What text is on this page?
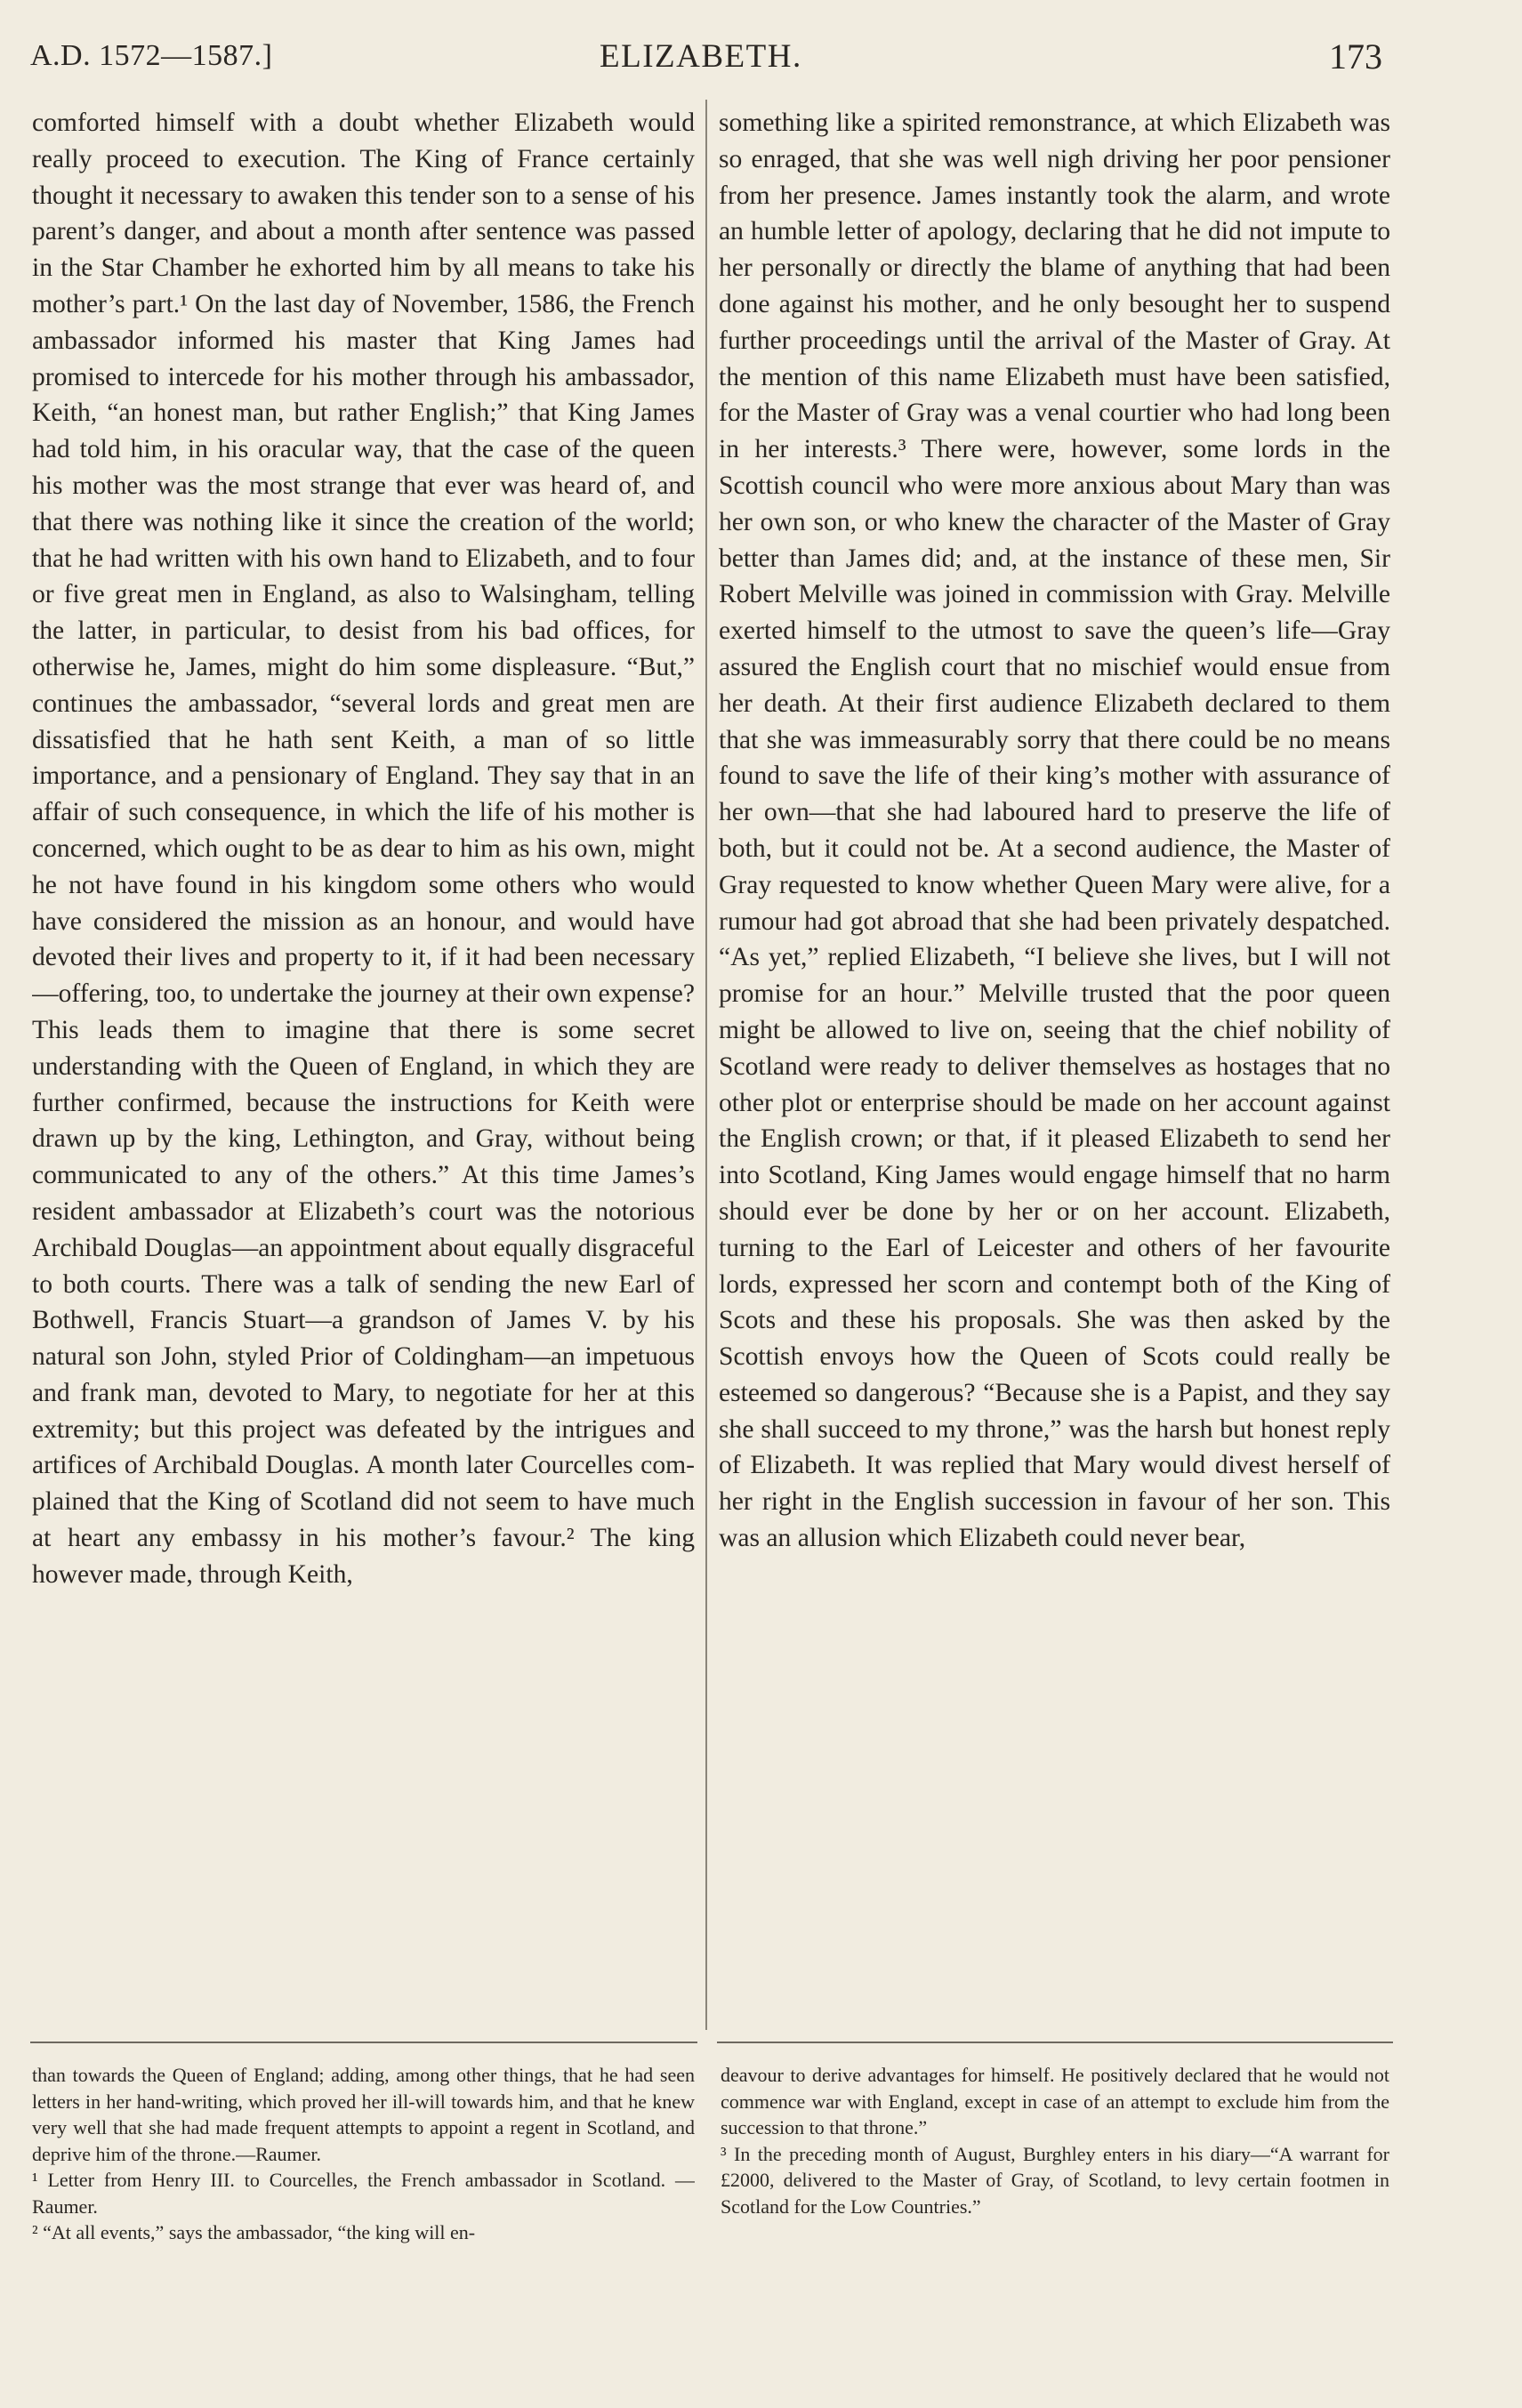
A.D. 1572—1587.]	ELIZABETH.	173

comforted himself with a doubt whether Elizabeth would really proceed to execution. The King of France certainly thought it necessary to awaken this tender son to a sense of his parent’s danger, and about a month after sentence was passed in the Star Chamber he exhorted him by all means to take his mother’s part.¹ On the last day of November, 1586, the French ambassador informed his master that King James had promised to intercede for his mother through his ambassador, Keith, “an honest man, but rather English;” that King James had told him, in his oracular way, that the case of the queen his mother was the most strange that ever was heard of, and that there was nothing like it since the creation of the world; that he had written with his own hand to Elizabeth, and to four or five great men in England, as also to Walsingham, telling the latter, in particular, to desist from his bad offices, for otherwise he, James, might do him some displeasure. “But,” continues the ambassador, “several lords and great men are dissatisfied that he hath sent Keith, a man of so little importance, and a pensionary of England. They say that in an affair of such consequence, in which the life of his mother is concerned, which ought to be as dear to him as his own, might he not have found in his kingdom some others who would have considered the mission as an honour, and would have devoted their lives and property to it, if it had been necessary—offering, too, to undertake the journey at their own expense? This leads them to imagine that there is some secret understanding with the Queen of England, in which they are further confirmed, because the instructions for Keith were drawn up by the king, Lethington, and Gray, without being communicated to any of the others.” At this time James’s resident ambassador at Elizabeth’s court was the notorious Archibald Douglas—an appointment about equally disgraceful to both courts. There was a talk of sending the new Earl of Bothwell, Francis Stuart—a grandson of James V. by his natural son John, styled Prior of Coldingham—an impetuous and frank man, devoted to Mary, to negotiate for her at this extremity; but this project was defeated by the intrigues and artifices of Archibald Douglas. A month later Courcelles complained that the King of Scotland did not seem to have much at heart any embassy in his mother’s favour.² The king however made, through Keith,

something like a spirited remonstrance, at which Elizabeth was so enraged, that she was well nigh driving her poor pensioner from her presence. James instantly took the alarm, and wrote an humble letter of apology, declaring that he did not impute to her personally or directly the blame of anything that had been done against his mother, and he only besought her to suspend further proceedings until the arrival of the Master of Gray. At the mention of this name Elizabeth must have been satisfied, for the Master of Gray was a venal courtier who had long been in her interests.³ There were, however, some lords in the Scottish council who were more anxious about Mary than was her own son, or who knew the character of the Master of Gray better than James did; and, at the instance of these men, Sir Robert Melville was joined in commission with Gray. Melville exerted himself to the utmost to save the queen’s life—Gray assured the English court that no mischief would ensue from her death. At their first audience Elizabeth declared to them that she was immeasurably sorry that there could be no means found to save the life of their king’s mother with assurance of her own—that she had laboured hard to preserve the life of both, but it could not be. At a second audience, the Master of Gray requested to know whether Queen Mary were alive, for a rumour had got abroad that she had been privately despatched. “As yet,” replied Elizabeth, “I believe she lives, but I will not promise for an hour.” Melville trusted that the poor queen might be allowed to live on, seeing that the chief nobility of Scotland were ready to deliver themselves as hostages that no other plot or enterprise should be made on her account against the English crown; or that, if it pleased Elizabeth to send her into Scotland, King James would engage himself that no harm should ever be done by her or on her account. Elizabeth, turning to the Earl of Leicester and others of her favourite lords, expressed her scorn and contempt both of the King of Scots and these his proposals. She was then asked by the Scottish envoys how the Queen of Scots could really be esteemed so dangerous? “Because she is a Papist, and they say she shall succeed to my throne,” was the harsh but honest reply of Elizabeth. It was replied that Mary would divest herself of her right in the English succession in favour of her son. This was an allusion which Elizabeth could never bear,

than towards the Queen of England; adding, among other things, that he had seen letters in her hand-writing, which proved her ill-will towards him, and that he knew very well that she had made frequent attempts to appoint a regent in Scotland, and deprive him of the throne.—Raumer.

¹ Letter from Henry III. to Courcelles, the French ambassador in Scotland. —Raumer.

² “At all events,” says the ambassador, “the king will en-

deavour to derive advantages for himself. He positively declared that he would not commence war with England, except in case of an attempt to exclude him from the succession to that throne.”

³ In the preceding month of August, Burghley enters in his diary—“A warrant for £2000, delivered to the Master of Gray, of Scotland, to levy certain footmen in Scotland for the Low Countries.”
